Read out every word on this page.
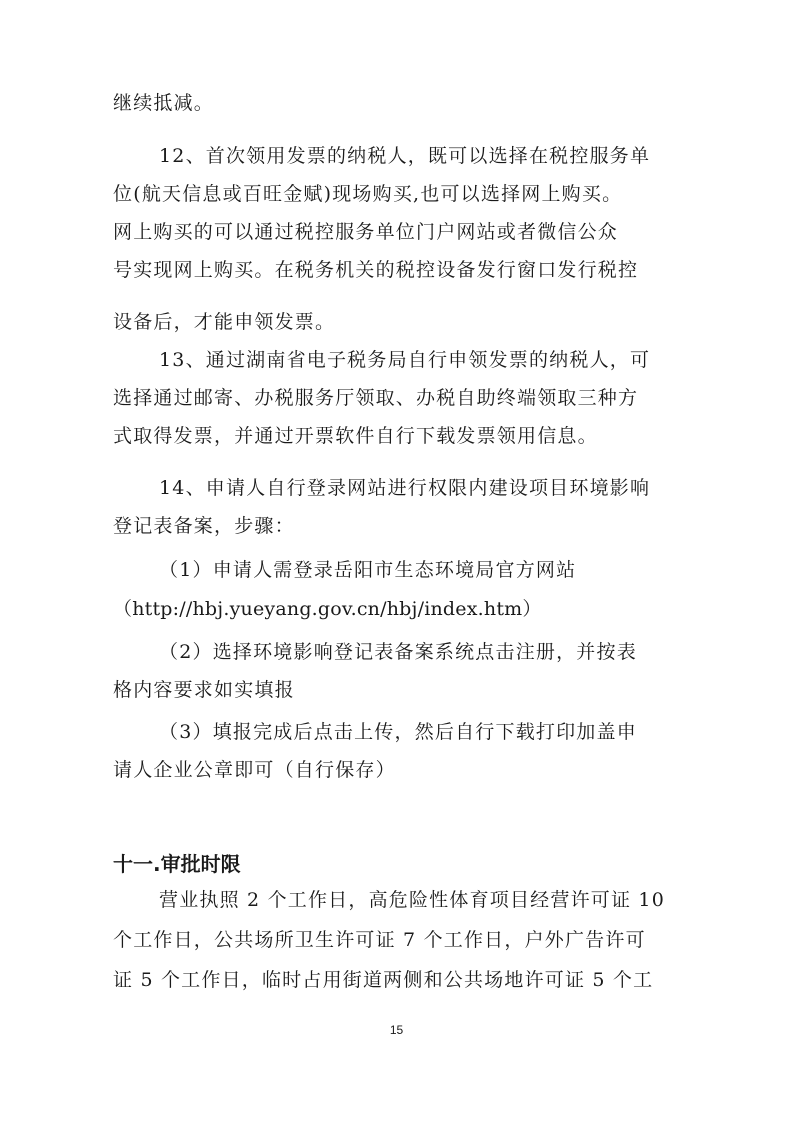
继续抵减。
12、首次领用发票的纳税人，既可以选择在税控服务单
位(航天信息或百旺金赋)现场购买,也可以选择网上购买。
网上购买的可以通过税控服务单位门户网站或者微信公众
号实现网上购买。在税务机关的税控设备发行窗口发行税控
设备后，才能申领发票。
13、通过湖南省电子税务局自行申领发票的纳税人，可
选择通过邮寄、办税服务厅领取、办税自助终端领取三种方
式取得发票，并通过开票软件自行下载发票领用信息。
14、申请人自行登录网站进行权限内建设项目环境影响
登记表备案，步骤：
（1）申请人需登录岳阳市生态环境局官方网站
（http://hbj.yueyang.gov.cn/hbj/index.htm）
（2）选择环境影响登记表备案系统点击注册，并按表
格内容要求如实填报
（3）填报完成后点击上传，然后自行下载打印加盖申
请人企业公章即可（自行保存）
十一.审批时限
营业执照 2 个工作日，高危险性体育项目经营许可证 10
个工作日，公共场所卫生许可证 7 个工作日，户外广告许可
证 5 个工作日，临时占用街道两侧和公共场地许可证 5 个工
15
